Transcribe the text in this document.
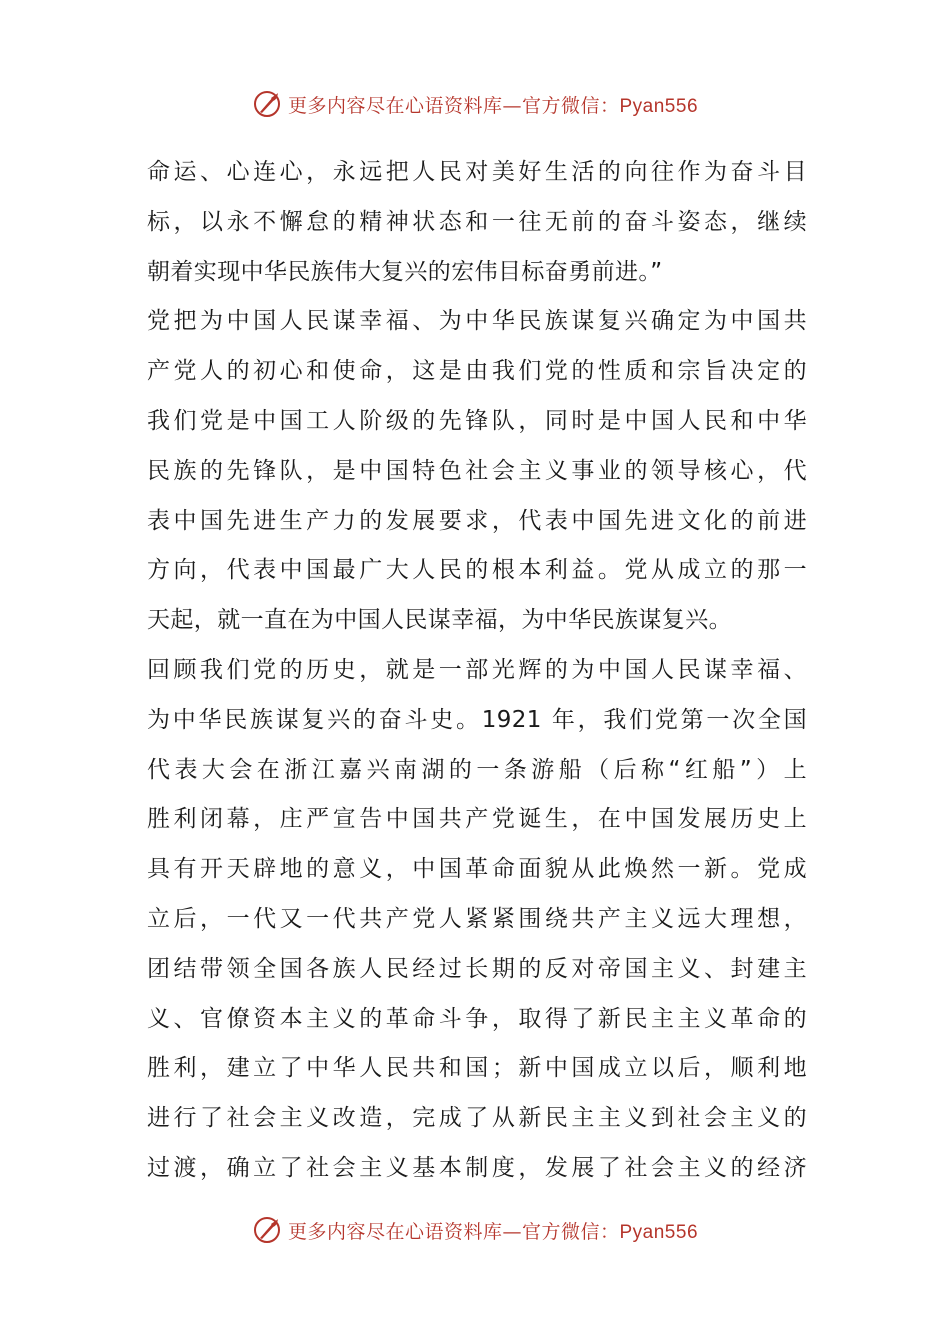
更多内容尽在心语资料库—官方微信：Pyan556
命运、心连心，永远把人民对美好生活的向往作为奋斗目
标，以永不懈怠的精神状态和一往无前的奋斗姿态，继续
朝着实现中华民族伟大复兴的宏伟目标奋勇前进。”
党把为中国人民谋幸福、为中华民族谋复兴确定为中国共
产党人的初心和使命，这是由我们党的性质和宗旨决定的
我们党是中国工人阶级的先锋队，同时是中国人民和中华
民族的先锋队，是中国特色社会主义事业的领导核心，代
表中国先进生产力的发展要求，代表中国先进文化的前进
方向，代表中国最广大人民的根本利益。党从成立的那一
天起，就一直在为中国人民谋幸福，为中华民族谋复兴。
回顾我们党的历史，就是一部光辉的为中国人民谋幸福、
为中华民族谋复兴的奋斗史。1921 年，我们党第一次全国
代表大会在浙江嘉兴南湖的一条游船（后称“红船”）上
胜利闭幕，庄严宣告中国共产党诞生，在中国发展历史上
具有开天辟地的意义，中国革命面貌从此焕然一新。党成
立后，一代又一代共产党人紧紧围绕共产主义远大理想，
团结带领全国各族人民经过长期的反对帝国主义、封建主
义、官僚资本主义的革命斗争，取得了新民主主义革命的
胜利，建立了中华人民共和国；新中国成立以后，顺利地
进行了社会主义改造，完成了从新民主主义到社会主义的
过渡，确立了社会主义基本制度，发展了社会主义的经济
更多内容尽在心语资料库—官方微信：Pyan556
